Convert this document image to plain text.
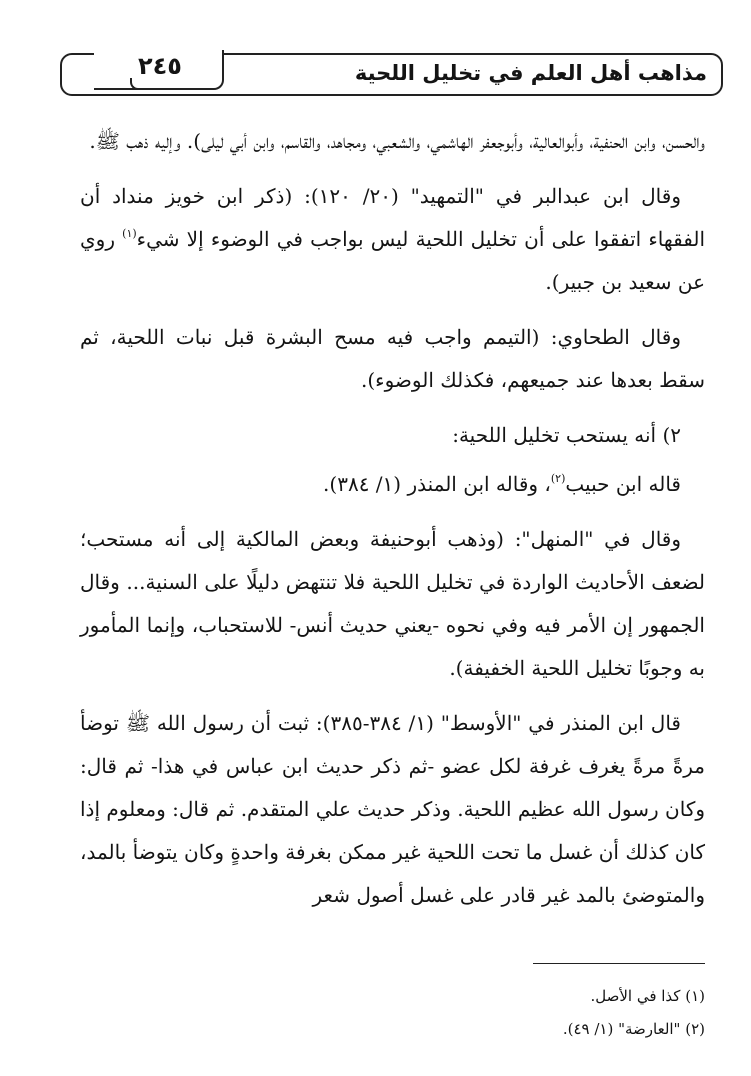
مذاهب أهل العلم في تخليل اللحية
٢٤٥

والحسن، وابن الحنفية، وأبوالعالية، وأبوجعفر الهاشمي، والشعبي، ومجاهد، والقاسم، وابن أبي ليلى). وإليه ذهب ﷺ.

وقال ابن عبدالبر في "التمهيد" (٢٠/ ١٢٠): (ذكر ابن خويز منداد أن الفقهاء اتفقوا على أن تخليل اللحية ليس بواجب في الوضوء إلا شيء$^{(١)}$ روي عن سعيد بن جبير).

وقال الطحاوي: (التيمم واجب فيه مسح البشرة قبل نبات اللحية، ثم سقط بعدها عند جميعهم، فكذلك الوضوء).

٢) أنه يستحب تخليل اللحية:

قاله ابن حبيب$^{(٢)}$، وقاله ابن المنذر (١/ ٣٨٤).

وقال في "المنهل": (وذهب أبوحنيفة وبعض المالكية إلى أنه مستحب؛ لضعف الأحاديث الواردة في تخليل اللحية فلا تنتهض دليلًا على السنية... وقال الجمهور إن الأمر فيه وفي نحوه -يعني حديث أنس- للاستحباب، وإنما المأمور به وجوبًا تخليل اللحية الخفيفة).

قال ابن المنذر في "الأوسط" (١/ ٣٨٤-٣٨٥): ثبت أن رسول الله ﷺ توضأ مرةً مرةً يغرف غرفة لكل عضو -ثم ذكر حديث ابن عباس في هذا- ثم قال: وكان رسول الله عظيم اللحية. وذكر حديث علي المتقدم. ثم قال: ومعلوم إذا كان كذلك أن غسل ما تحت اللحية غير ممكن بغرفة واحدةٍ وكان يتوضأ بالمد، والمتوضئ بالمد غير قادر على غسل أصول شعر

(١) كذا في الأصل.

(٢) "العارضة" (١/ ٤٩).
